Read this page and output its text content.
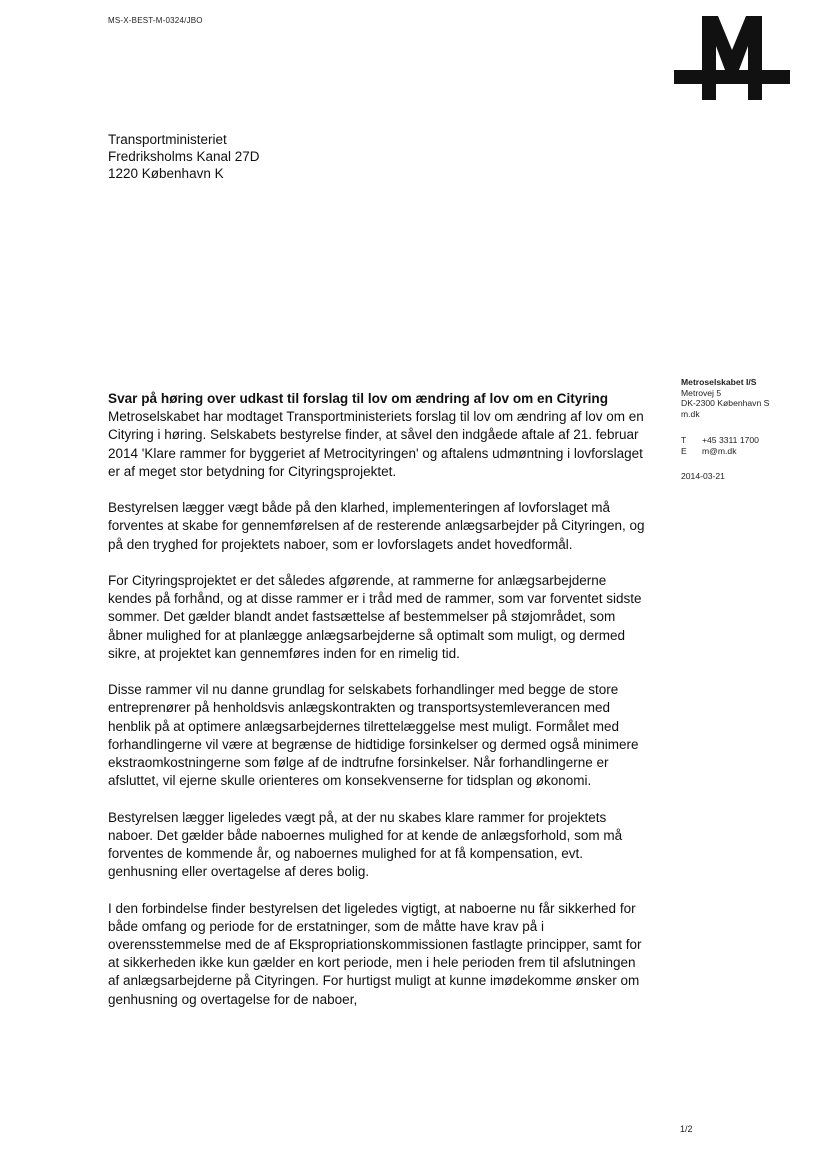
MS-X-BEST-M-0324/JBO
Transportministeriet
Fredriksholms Kanal 27D
1220 København K
Metroselskabet I/S
Metrovej 5
DK-2300 København S
m.dk
T	+45 3311 1700
E	m@m.dk
2014-03-21
Svar på høring over udkast til forslag til lov om ændring af lov om en Cityring

Metroselskabet har modtaget Transportministeriets forslag til lov om ændring af lov om en Cityring i høring. Selskabets bestyrelse finder, at såvel den indgåede aftale af 21. februar 2014 'Klare rammer for byggeriet af Metrocityringen' og aftalens udmøntning i lovforslaget er af meget stor betydning for Cityringsprojektet.

Bestyrelsen lægger vægt både på den klarhed, implementeringen af lovforslaget må forventes at skabe for gennemførelsen af de resterende anlægsarbejder på Cityringen, og på den tryghed for projektets naboer, som er lovforslagets andet hovedformål.

For Cityringsprojektet er det således afgørende, at rammerne for anlægsarbejderne kendes på forhånd, og at disse rammer er i tråd med de rammer, som var forventet sidste sommer. Det gælder blandt andet fastsættelse af bestemmelser på støjområdet, som åbner mulighed for at planlægge anlægsarbejderne så optimalt som muligt, og dermed sikre, at projektet kan gennemføres inden for en rimelig tid.

Disse rammer vil nu danne grundlag for selskabets forhandlinger med begge de store entreprenører på henholdsvis anlægskontrakten og transportsystemleverancen med henblik på at optimere anlægsarbejdernes tilrettelæggelse mest muligt. Formålet med forhandlingerne vil være at begrænse de hidtidige forsinkelser og dermed også minimere ekstraomkostningerne som følge af de indtrufne forsinkelser. Når forhandlingerne er afsluttet, vil ejerne skulle orienteres om konsekvenserne for tidsplan og økonomi.

Bestyrelsen lægger ligeledes vægt på, at der nu skabes klare rammer for projektets naboer. Det gælder både naboernes mulighed for at kende de anlægsforhold, som må forventes de kommende år, og naboernes mulighed for at få kompensation, evt. genhusning eller overtagelse af deres bolig.

I den forbindelse finder bestyrelsen det ligeledes vigtigt, at naboerne nu får sikkerhed for både omfang og periode for de erstatninger, som de måtte have krav på i overensstemmelse med de af Ekspropriationskommissionen fastlagte principper, samt for at sikkerheden ikke kun gælder en kort periode, men i hele perioden frem til afslutningen af anlægsarbejderne på Cityringen. For hurtigst muligt at kunne imødekomme ønsker om genhusning og overtagelse for de naboer,

1/2
